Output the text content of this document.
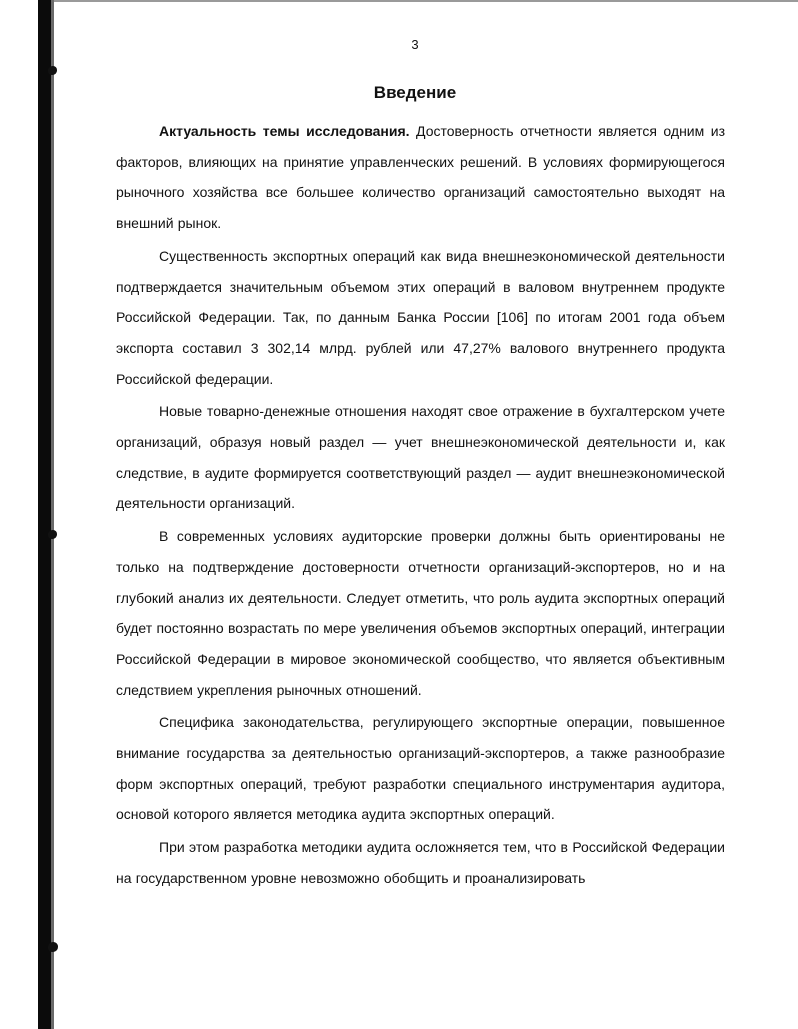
3
Введение

Актуальность темы исследования. Достоверность отчетности является одним из факторов, влияющих на принятие управленческих решений. В условиях формирующегося рыночного хозяйства все большее количество организаций самостоятельно выходят на внешний рынок.

Существенность экспортных операций как вида внешнеэкономической деятельности подтверждается значительным объемом этих операций в валовом внутреннем продукте Российской Федерации. Так, по данным Банка России [106] по итогам 2001 года объем экспорта составил 3 302,14 млрд. рублей или 47,27% валового внутреннего продукта Российской федерации.

Новые товарно-денежные отношения находят свое отражение в бухгалтерском учете организаций, образуя новый раздел — учет внешнеэкономической деятельности и, как следствие, в аудите формируется соответствующий раздел — аудит внешнеэкономической деятельности организаций.

В современных условиях аудиторские проверки должны быть ориентированы не только на подтверждение достоверности отчетности организаций-экспортеров, но и на глубокий анализ их деятельности. Следует отметить, что роль аудита экспортных операций будет постоянно возрастать по мере увеличения объемов экспортных операций, интеграции Российской Федерации в мировое экономической сообщество, что является объективным следствием укрепления рыночных отношений.

Специфика законодательства, регулирующего экспортные операции, повышенное внимание государства за деятельностью организаций-экспортеров, а также разнообразие форм экспортных операций, требуют разработки специального инструментария аудитора, основой которого является методика аудита экспортных операций.

При этом разработка методики аудита осложняется тем, что в Российской Федерации на государственном уровне невозможно обобщить и проанализировать
